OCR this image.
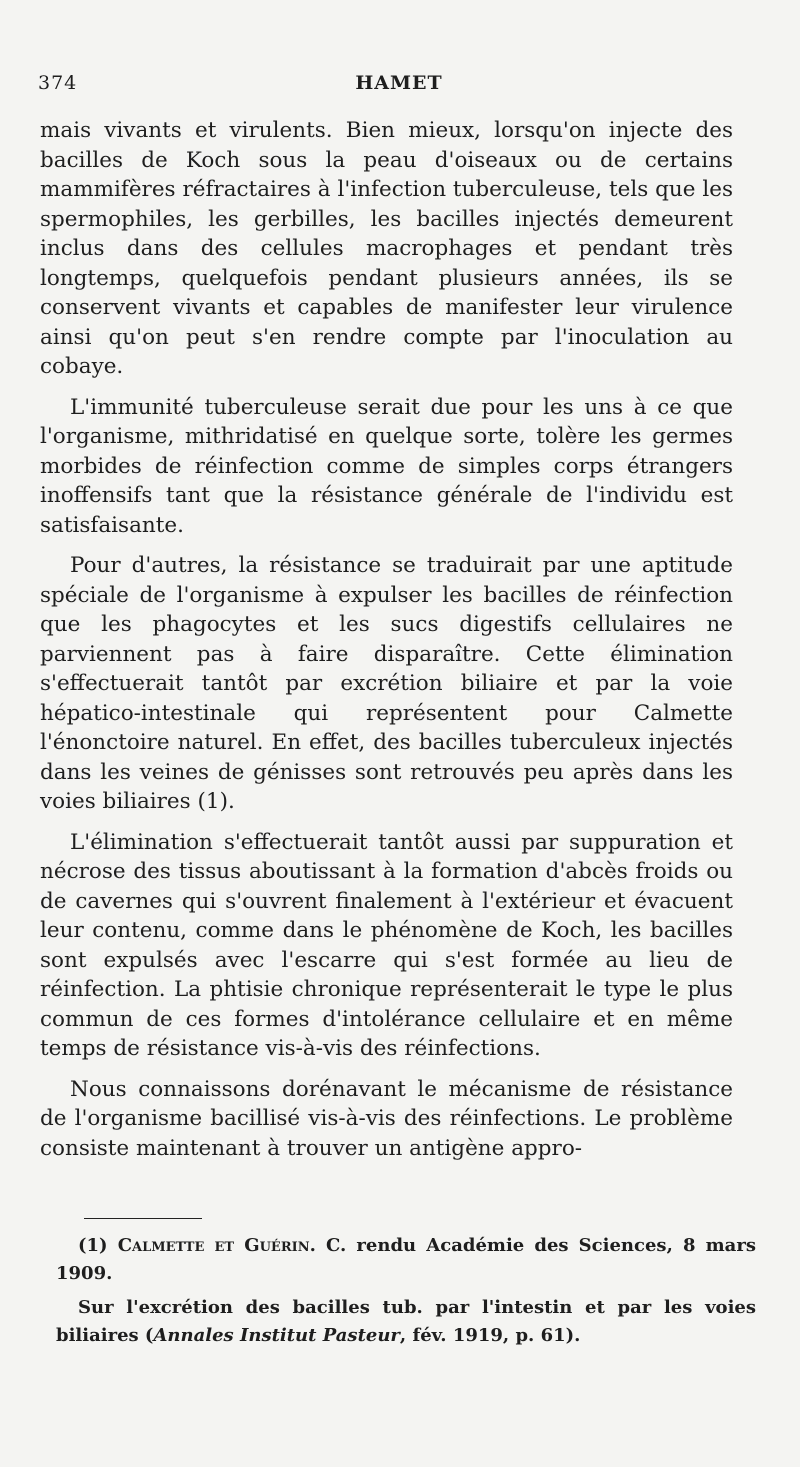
374	HAMET

mais vivants et virulents. Bien mieux, lorsqu'on injecte des bacilles de Koch sous la peau d'oiseaux ou de certains mammifères réfractaires à l'infection tuberculeuse, tels que les spermophiles, les gerbilles, les bacilles injectés demeurent inclus dans des cellules macrophages et pendant très longtemps, quelquefois pendant plusieurs années, ils se conservent vivants et capables de manifester leur virulence ainsi qu'on peut s'en rendre compte par l'inoculation au cobaye.

L'immunité tuberculeuse serait due pour les uns à ce que l'organisme, mithridatisé en quelque sorte, tolère les germes morbides de réinfection comme de simples corps étrangers inoffensifs tant que la résistance générale de l'individu est satisfaisante.

Pour d'autres, la résistance se traduirait par une aptitude spéciale de l'organisme à expulser les bacilles de réinfection que les phagocytes et les sucs digestifs cellulaires ne parviennent pas à faire disparaître. Cette élimination s'effectuerait tantôt par excrétion biliaire et par la voie hépatico-intestinale qui représentent pour Calmette l'énonctoire naturel. En effet, des bacilles tuberculeux injectés dans les veines de génisses sont retrouvés peu après dans les voies biliaires (1).

L'élimination s'effectuerait tantôt aussi par suppuration et nécrose des tissus aboutissant à la formation d'abcès froids ou de cavernes qui s'ouvrent finalement à l'extérieur et évacuent leur contenu, comme dans le phénomène de Koch, les bacilles sont expulsés avec l'escarre qui s'est formée au lieu de réinfection. La phtisie chronique représenterait le type le plus commun de ces formes d'intolérance cellulaire et en même temps de résistance vis-à-vis des réinfections.

Nous connaissons dorénavant le mécanisme de résistance de l'organisme bacillisé vis-à-vis des réinfections. Le problème consiste maintenant à trouver un antigène appro-

(1) Calmette et Guérin. C. rendu Académie des Sciences, 8 mars 1909.

Sur l'excrétion des bacilles tub. par l'intestin et par les voies biliaires (Annales Institut Pasteur, fév. 1919, p. 61).
